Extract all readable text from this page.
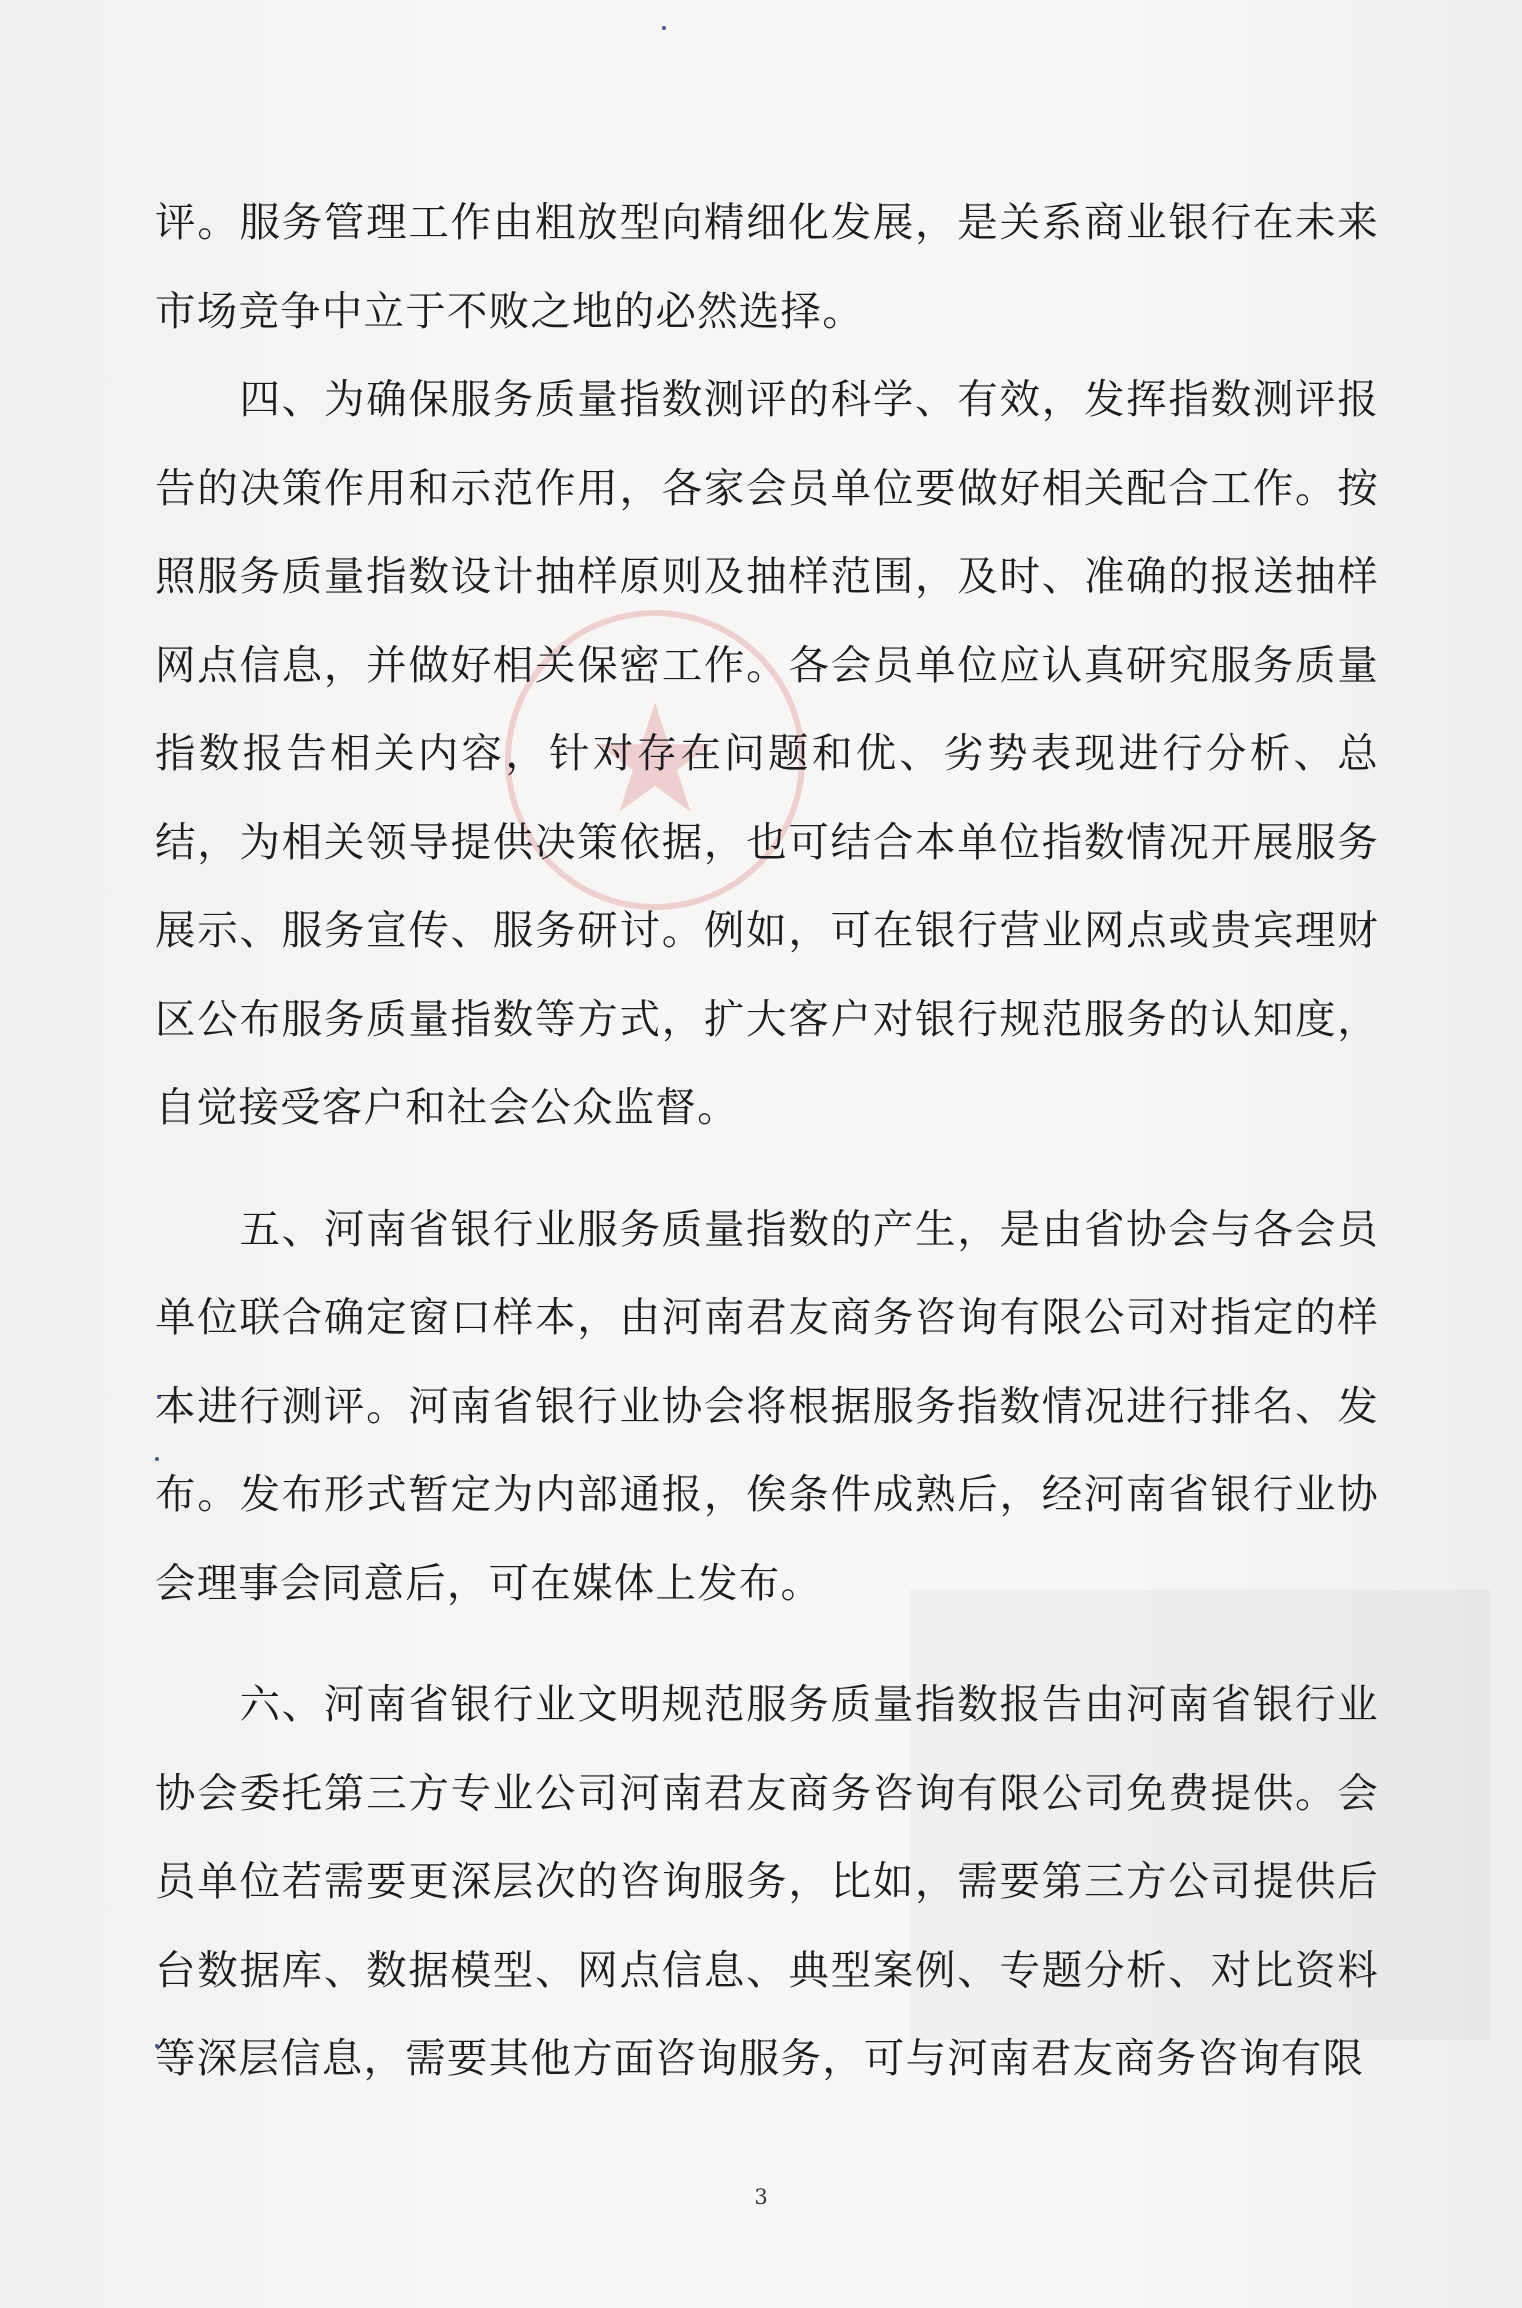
★

评。服务管理工作由粗放型向精细化发展，是关系商业银行在未来市场竞争中立于不败之地的必然选择。

　　四、为确保服务质量指数测评的科学、有效，发挥指数测评报告的决策作用和示范作用，各家会员单位要做好相关配合工作。按照服务质量指数设计抽样原则及抽样范围，及时、准确的报送抽样网点信息，并做好相关保密工作。各会员单位应认真研究服务质量指数报告相关内容，针对存在问题和优、劣势表现进行分析、总结，为相关领导提供决策依据，也可结合本单位指数情况开展服务展示、服务宣传、服务研讨。例如，可在银行营业网点或贵宾理财区公布服务质量指数等方式，扩大客户对银行规范服务的认知度，自觉接受客户和社会公众监督。

　　五、河南省银行业服务质量指数的产生，是由省协会与各会员单位联合确定窗口样本，由河南君友商务咨询有限公司对指定的样本进行测评。河南省银行业协会将根据服务指数情况进行排名、发布。发布形式暂定为内部通报，俟条件成熟后，经河南省银行业协会理事会同意后，可在媒体上发布。

　　六、河南省银行业文明规范服务质量指数报告由河南省银行业协会委托第三方专业公司河南君友商务咨询有限公司免费提供。会员单位若需要更深层次的咨询服务，比如，需要第三方公司提供后台数据库、数据模型、网点信息、典型案例、专题分析、对比资料等深层信息，需要其他方面咨询服务，可与河南君友商务咨询有限

3
